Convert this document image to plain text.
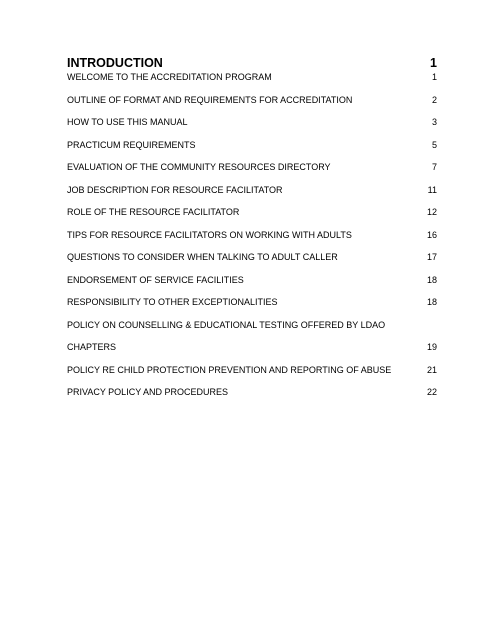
INTRODUCTION	1
WELCOME TO THE ACCREDITATION PROGRAM	1
OUTLINE OF FORMAT AND REQUIREMENTS FOR ACCREDITATION	2
HOW TO USE THIS MANUAL	3
PRACTICUM REQUIREMENTS	5
EVALUATION OF THE COMMUNITY RESOURCES DIRECTORY	7
JOB DESCRIPTION FOR RESOURCE FACILITATOR	11
ROLE OF THE RESOURCE FACILITATOR	12
TIPS FOR RESOURCE FACILITATORS ON WORKING WITH ADULTS	16
QUESTIONS TO CONSIDER WHEN TALKING TO ADULT CALLER	17
ENDORSEMENT OF SERVICE FACILITIES	18
RESPONSIBILITY TO OTHER EXCEPTIONALITIES	18
POLICY ON COUNSELLING & EDUCATIONAL TESTING OFFERED BY LDAO
CHAPTERS	19
POLICY RE CHILD PROTECTION PREVENTION AND REPORTING OF ABUSE	21
PRIVACY POLICY AND PROCEDURES	22
